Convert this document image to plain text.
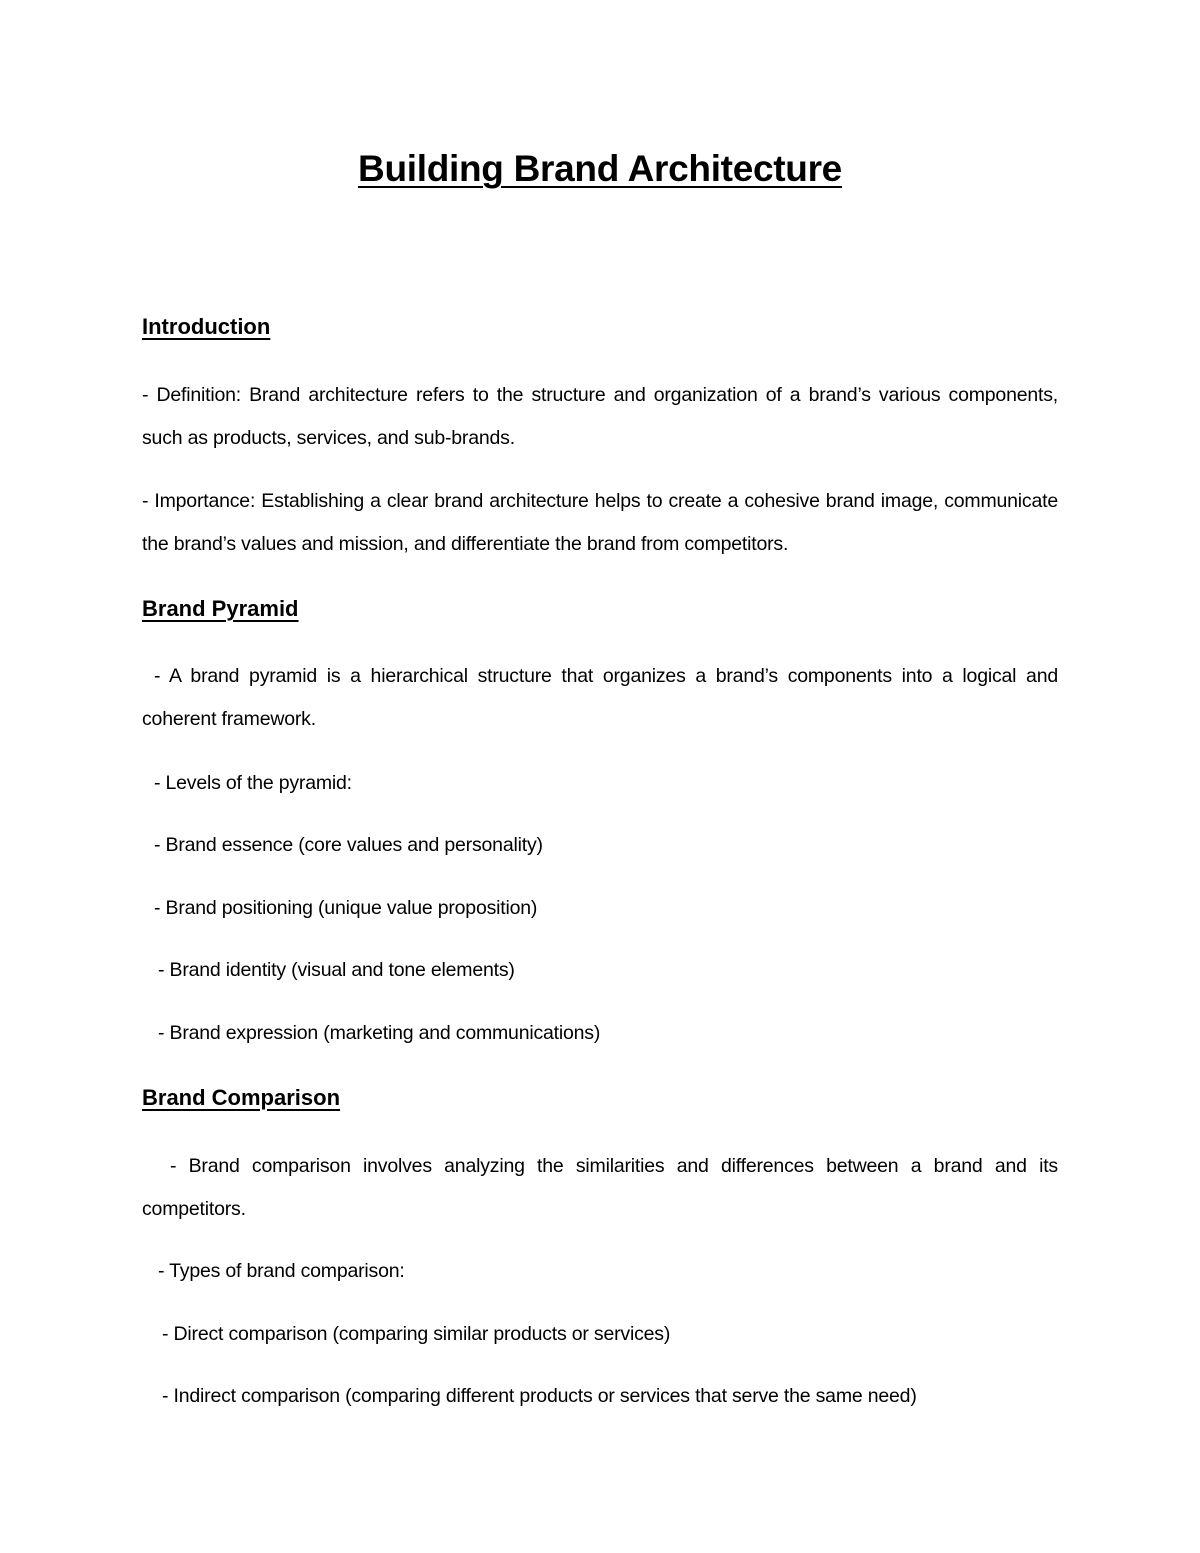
Building Brand Architecture
Introduction
- Definition: Brand architecture refers to the structure and organization of a brand’s various components, such as products, services, and sub-brands.
- Importance: Establishing a clear brand architecture helps to create a cohesive brand image, communicate the brand’s values and mission, and differentiate the brand from competitors.
Brand Pyramid
- A brand pyramid is a hierarchical structure that organizes a brand’s components into a logical and coherent framework.
- Levels of the pyramid:
- Brand essence (core values and personality)
- Brand positioning (unique value proposition)
- Brand identity (visual and tone elements)
- Brand expression (marketing and communications)
Brand Comparison
- Brand comparison involves analyzing the similarities and differences between a brand and its competitors.
- Types of brand comparison:
- Direct comparison (comparing similar products or services)
- Indirect comparison (comparing different products or services that serve the same need)
